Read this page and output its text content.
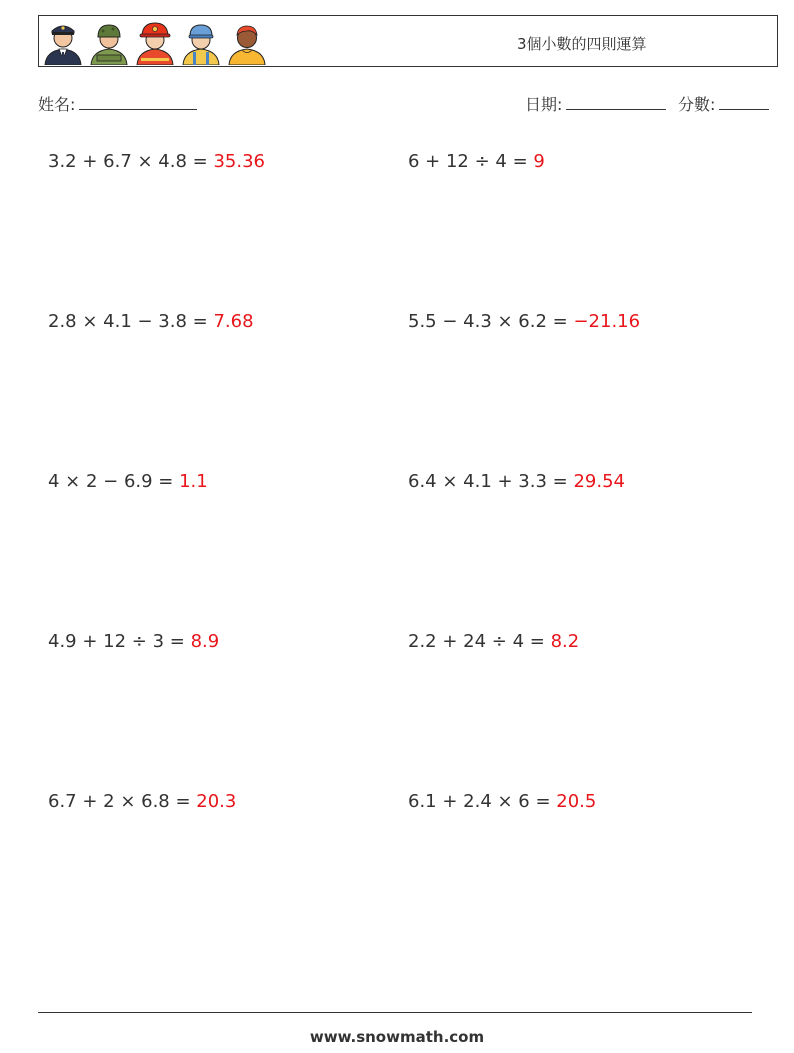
3個小數的四則運算
姓名:	日期:	分數:
3.2 + 6.7 × 4.8 = 35.36	6 + 12 ÷ 4 = 9
2.8 × 4.1 − 3.8 = 7.68	5.5 − 4.3 × 6.2 = −21.16
4 × 2 − 6.9 = 1.1	6.4 × 4.1 + 3.3 = 29.54
4.9 + 12 ÷ 3 = 8.9	2.2 + 24 ÷ 4 = 8.2
6.7 + 2 × 6.8 = 20.3	6.1 + 2.4 × 6 = 20.5
www.snowmath.com
